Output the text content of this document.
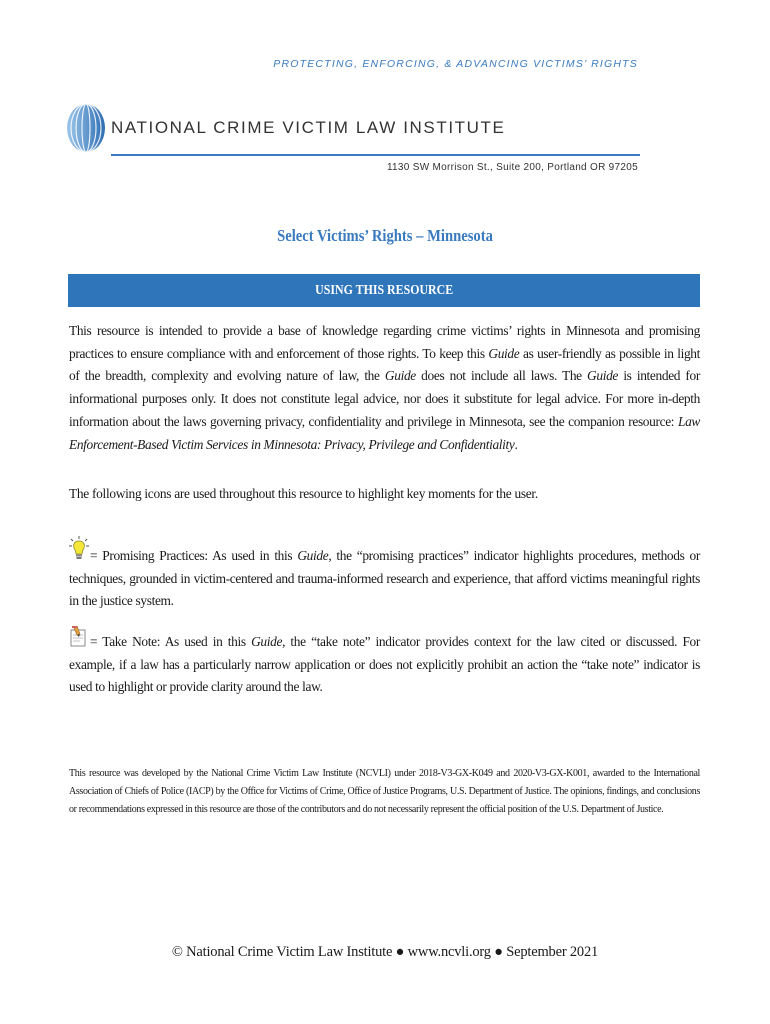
PROTECTING, ENFORCING, & ADVANCING VICTIMS’ RIGHTS
NATIONAL CRIME VICTIM LAW INSTITUTE
1130 SW Morrison St., Suite 200, Portland OR 97205
Select Victims’ Rights – Minnesota
USING THIS RESOURCE
This resource is intended to provide a base of knowledge regarding crime victims’ rights in Minnesota and promising practices to ensure compliance with and enforcement of those rights. To keep this Guide as user-friendly as possible in light of the breadth, complexity and evolving nature of law, the Guide does not include all laws. The Guide is intended for informational purposes only. It does not constitute legal advice, nor does it substitute for legal advice. For more in-depth information about the laws governing privacy, confidentiality and privilege in Minnesota, see the companion resource: Law Enforcement-Based Victim Services in Minnesota: Privacy, Privilege and Confidentiality.
The following icons are used throughout this resource to highlight key moments for the user.
= Promising Practices: As used in this Guide, the “promising practices” indicator highlights procedures, methods or techniques, grounded in victim-centered and trauma-informed research and experience, that afford victims meaningful rights in the justice system.
= Take Note: As used in this Guide, the “take note” indicator provides context for the law cited or discussed. For example, if a law has a particularly narrow application or does not explicitly prohibit an action the “take note” indicator is used to highlight or provide clarity around the law.
This resource was developed by the National Crime Victim Law Institute (NCVLI) under 2018-V3-GX-K049 and 2020-V3-GX-K001, awarded to the International Association of Chiefs of Police (IACP) by the Office for Victims of Crime, Office of Justice Programs, U.S. Department of Justice. The opinions, findings, and conclusions or recommendations expressed in this resource are those of the contributors and do not necessarily represent the official position of the U.S. Department of Justice.
© National Crime Victim Law Institute ● www.ncvli.org ● September 2021
